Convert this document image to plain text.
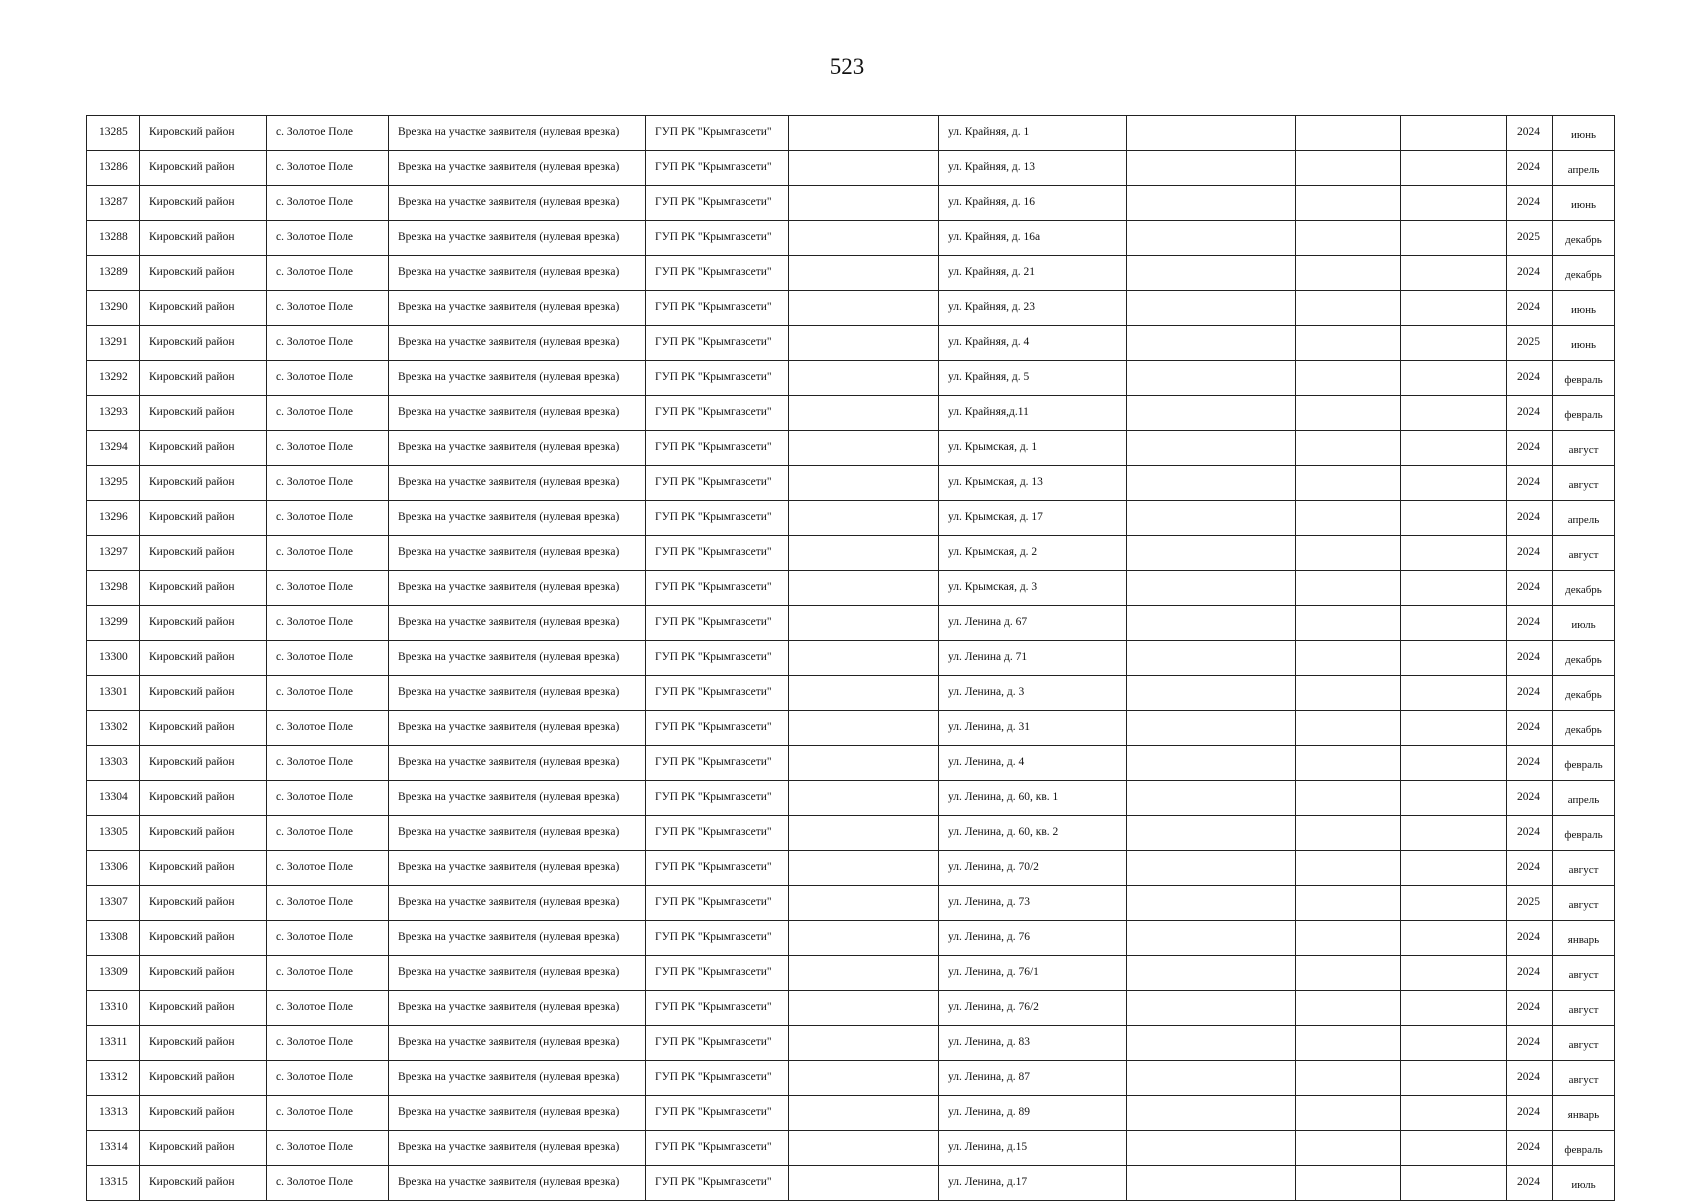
523
13285	Кировский район	с. Золотое Поле	Врезка на участке заявителя (нулевая врезка)	ГУП РК "Крымгазсети"		ул. Крайняя, д. 1				2024	июнь
13286	Кировский район	с. Золотое Поле	Врезка на участке заявителя (нулевая врезка)	ГУП РК "Крымгазсети"		ул. Крайняя, д. 13				2024	апрель
13287	Кировский район	с. Золотое Поле	Врезка на участке заявителя (нулевая врезка)	ГУП РК "Крымгазсети"		ул. Крайняя, д. 16				2024	июнь
13288	Кировский район	с. Золотое Поле	Врезка на участке заявителя (нулевая врезка)	ГУП РК "Крымгазсети"		ул. Крайняя, д. 16а				2025	декабрь
13289	Кировский район	с. Золотое Поле	Врезка на участке заявителя (нулевая врезка)	ГУП РК "Крымгазсети"		ул. Крайняя, д. 21				2024	декабрь
13290	Кировский район	с. Золотое Поле	Врезка на участке заявителя (нулевая врезка)	ГУП РК "Крымгазсети"		ул. Крайняя, д. 23				2024	июнь
13291	Кировский район	с. Золотое Поле	Врезка на участке заявителя (нулевая врезка)	ГУП РК "Крымгазсети"		ул. Крайняя, д. 4				2025	июнь
13292	Кировский район	с. Золотое Поле	Врезка на участке заявителя (нулевая врезка)	ГУП РК "Крымгазсети"		ул. Крайняя, д. 5				2024	февраль
13293	Кировский район	с. Золотое Поле	Врезка на участке заявителя (нулевая врезка)	ГУП РК "Крымгазсети"		ул. Крайняя,д.11				2024	февраль
13294	Кировский район	с. Золотое Поле	Врезка на участке заявителя (нулевая врезка)	ГУП РК "Крымгазсети"		ул. Крымская, д. 1				2024	август
13295	Кировский район	с. Золотое Поле	Врезка на участке заявителя (нулевая врезка)	ГУП РК "Крымгазсети"		ул. Крымская, д. 13				2024	август
13296	Кировский район	с. Золотое Поле	Врезка на участке заявителя (нулевая врезка)	ГУП РК "Крымгазсети"		ул. Крымская, д. 17				2024	апрель
13297	Кировский район	с. Золотое Поле	Врезка на участке заявителя (нулевая врезка)	ГУП РК "Крымгазсети"		ул. Крымская, д. 2				2024	август
13298	Кировский район	с. Золотое Поле	Врезка на участке заявителя (нулевая врезка)	ГУП РК "Крымгазсети"		ул. Крымская, д. 3				2024	декабрь
13299	Кировский район	с. Золотое Поле	Врезка на участке заявителя (нулевая врезка)	ГУП РК "Крымгазсети"		ул. Ленина д. 67				2024	июль
13300	Кировский район	с. Золотое Поле	Врезка на участке заявителя (нулевая врезка)	ГУП РК "Крымгазсети"		ул. Ленина д. 71				2024	декабрь
13301	Кировский район	с. Золотое Поле	Врезка на участке заявителя (нулевая врезка)	ГУП РК "Крымгазсети"		ул. Ленина, д. 3				2024	декабрь
13302	Кировский район	с. Золотое Поле	Врезка на участке заявителя (нулевая врезка)	ГУП РК "Крымгазсети"		ул. Ленина, д. 31				2024	декабрь
13303	Кировский район	с. Золотое Поле	Врезка на участке заявителя (нулевая врезка)	ГУП РК "Крымгазсети"		ул. Ленина, д. 4				2024	февраль
13304	Кировский район	с. Золотое Поле	Врезка на участке заявителя (нулевая врезка)	ГУП РК "Крымгазсети"		ул. Ленина, д. 60, кв. 1				2024	апрель
13305	Кировский район	с. Золотое Поле	Врезка на участке заявителя (нулевая врезка)	ГУП РК "Крымгазсети"		ул. Ленина, д. 60, кв. 2				2024	февраль
13306	Кировский район	с. Золотое Поле	Врезка на участке заявителя (нулевая врезка)	ГУП РК "Крымгазсети"		ул. Ленина, д. 70/2				2024	август
13307	Кировский район	с. Золотое Поле	Врезка на участке заявителя (нулевая врезка)	ГУП РК "Крымгазсети"		ул. Ленина, д. 73				2025	август
13308	Кировский район	с. Золотое Поле	Врезка на участке заявителя (нулевая врезка)	ГУП РК "Крымгазсети"		ул. Ленина, д. 76				2024	январь
13309	Кировский район	с. Золотое Поле	Врезка на участке заявителя (нулевая врезка)	ГУП РК "Крымгазсети"		ул. Ленина, д. 76/1				2024	август
13310	Кировский район	с. Золотое Поле	Врезка на участке заявителя (нулевая врезка)	ГУП РК "Крымгазсети"		ул. Ленина, д. 76/2				2024	август
13311	Кировский район	с. Золотое Поле	Врезка на участке заявителя (нулевая врезка)	ГУП РК "Крымгазсети"		ул. Ленина, д. 83				2024	август
13312	Кировский район	с. Золотое Поле	Врезка на участке заявителя (нулевая врезка)	ГУП РК "Крымгазсети"		ул. Ленина, д. 87				2024	август
13313	Кировский район	с. Золотое Поле	Врезка на участке заявителя (нулевая врезка)	ГУП РК "Крымгазсети"		ул. Ленина, д. 89				2024	январь
13314	Кировский район	с. Золотое Поле	Врезка на участке заявителя (нулевая врезка)	ГУП РК "Крымгазсети"		ул. Ленина, д.15				2024	февраль
13315	Кировский район	с. Золотое Поле	Врезка на участке заявителя (нулевая врезка)	ГУП РК "Крымгазсети"		ул. Ленина, д.17				2024	июль
